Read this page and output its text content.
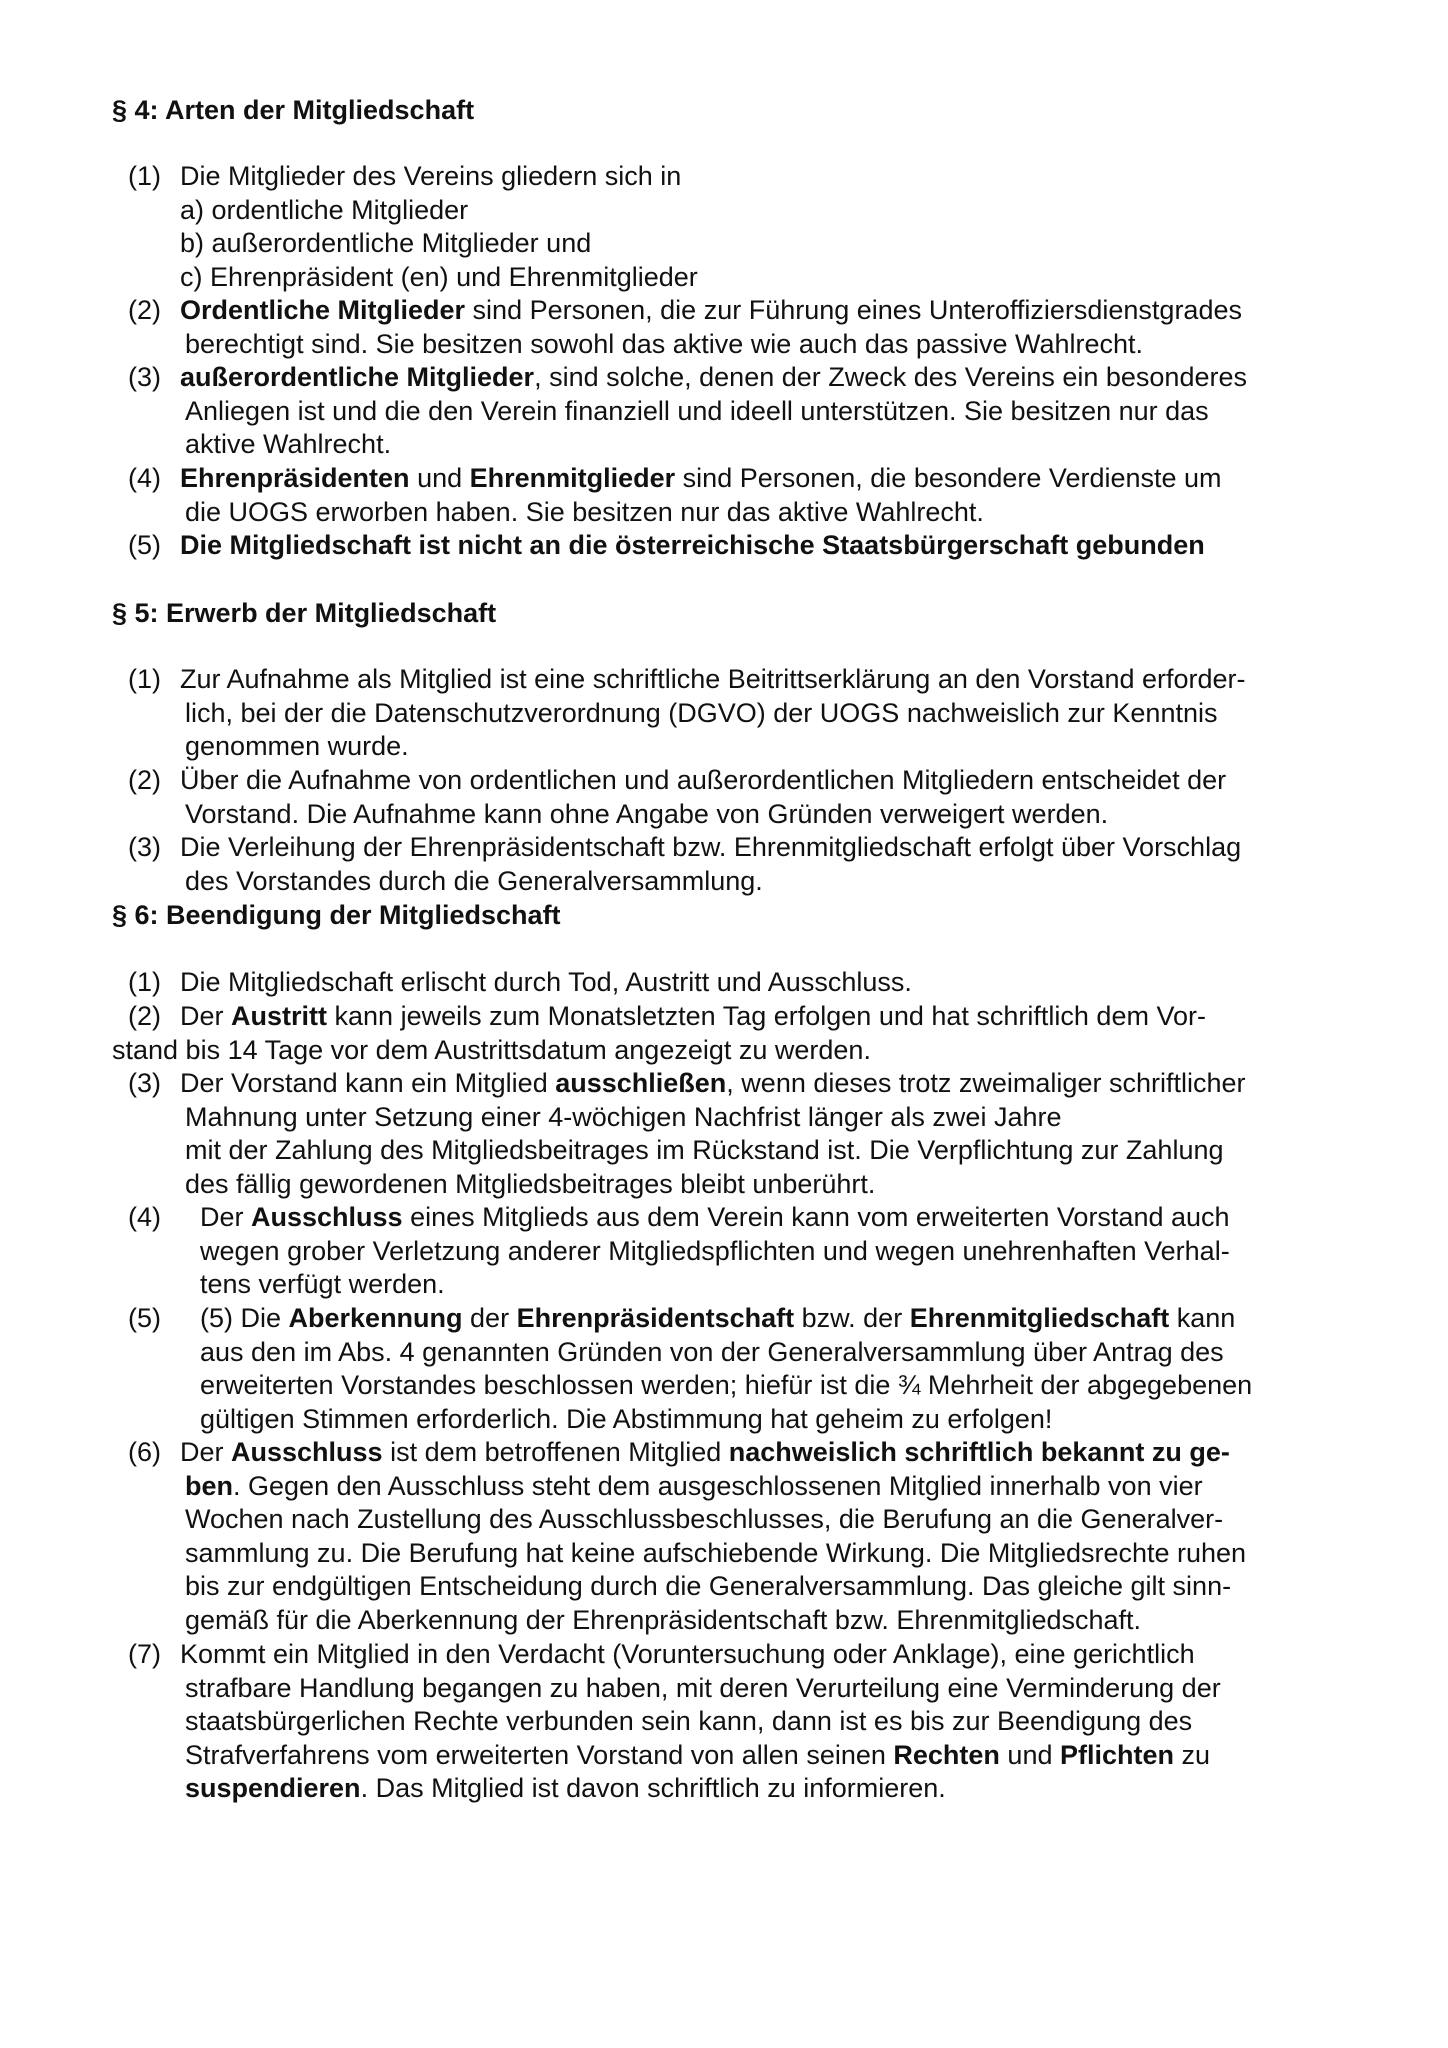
§ 4: Arten der Mitgliedschaft
(1) Die Mitglieder des Vereins gliedern sich in
a) ordentliche Mitglieder
b) außerordentliche Mitglieder und
c) Ehrenpräsident (en) und Ehrenmitglieder
(2) Ordentliche Mitglieder sind Personen, die zur Führung eines Unteroffiziersdienstgrades
berechtigt sind. Sie besitzen sowohl das aktive wie auch das passive Wahlrecht.
(3) außerordentliche Mitglieder, sind solche, denen der Zweck des Vereins ein besonderes
Anliegen ist und die den Verein finanziell und ideell unterstützen. Sie besitzen nur das
aktive Wahlrecht.
(4) Ehrenpräsidenten und Ehrenmitglieder sind Personen, die besondere Verdienste um
die UOGS erworben haben. Sie besitzen nur das aktive Wahlrecht.
(5) Die Mitgliedschaft ist nicht an die österreichische Staatsbürgerschaft gebunden
§ 5: Erwerb der Mitgliedschaft
(1) Zur Aufnahme als Mitglied ist eine schriftliche Beitrittserklärung an den Vorstand erforder-
lich, bei der die Datenschutzverordnung (DGVO) der UOGS nachweislich zur Kenntnis
genommen wurde.
(2) Über die Aufnahme von ordentlichen und außerordentlichen Mitgliedern entscheidet der
Vorstand. Die Aufnahme kann ohne Angabe von Gründen verweigert werden.
(3) Die Verleihung der Ehrenpräsidentschaft bzw. Ehrenmitgliedschaft erfolgt über Vorschlag
des Vorstandes durch die Generalversammlung.
§ 6: Beendigung der Mitgliedschaft
(1) Die Mitgliedschaft erlischt durch Tod, Austritt und Ausschluss.
(2) Der Austritt kann jeweils zum Monatsletzten Tag erfolgen und hat schriftlich dem Vor-
stand bis 14 Tage vor dem Austrittsdatum angezeigt zu werden.
(3) Der Vorstand kann ein Mitglied ausschließen, wenn dieses trotz zweimaliger schriftlicher
Mahnung unter Setzung einer 4-wöchigen Nachfrist länger als zwei Jahre
mit der Zahlung des Mitgliedsbeitrages im Rückstand ist. Die Verpflichtung zur Zahlung
des fällig gewordenen Mitgliedsbeitrages bleibt unberührt.
(4) Der Ausschluss eines Mitglieds aus dem Verein kann vom erweiterten Vorstand auch
wegen grober Verletzung anderer Mitgliedspflichten und wegen unehrenhaften Verhal-
tens verfügt werden.
(5) (5) Die Aberkennung der Ehrenpräsidentschaft bzw. der Ehrenmitgliedschaft kann
aus den im Abs. 4 genannten Gründen von der Generalversammlung über Antrag des
erweiterten Vorstandes beschlossen werden; hiefür ist die ¾ Mehrheit der abgegebenen
gültigen Stimmen erforderlich. Die Abstimmung hat geheim zu erfolgen!
(6) Der Ausschluss ist dem betroffenen Mitglied nachweislich schriftlich bekannt zu ge-
ben. Gegen den Ausschluss steht dem ausgeschlossenen Mitglied innerhalb von vier
Wochen nach Zustellung des Ausschlussbeschlusses, die Berufung an die Generalver-
sammlung zu. Die Berufung hat keine aufschiebende Wirkung. Die Mitgliedsrechte ruhen
bis zur endgültigen Entscheidung durch die Generalversammlung. Das gleiche gilt sinn-
gemäß für die Aberkennung der Ehrenpräsidentschaft bzw. Ehrenmitgliedschaft.
(7) Kommt ein Mitglied in den Verdacht (Voruntersuchung oder Anklage), eine gerichtlich
strafbare Handlung begangen zu haben, mit deren Verurteilung eine Verminderung der
staatsbürgerlichen Rechte verbunden sein kann, dann ist es bis zur Beendigung des
Strafverfahrens vom erweiterten Vorstand von allen seinen Rechten und Pflichten zu
suspendieren. Das Mitglied ist davon schriftlich zu informieren.
